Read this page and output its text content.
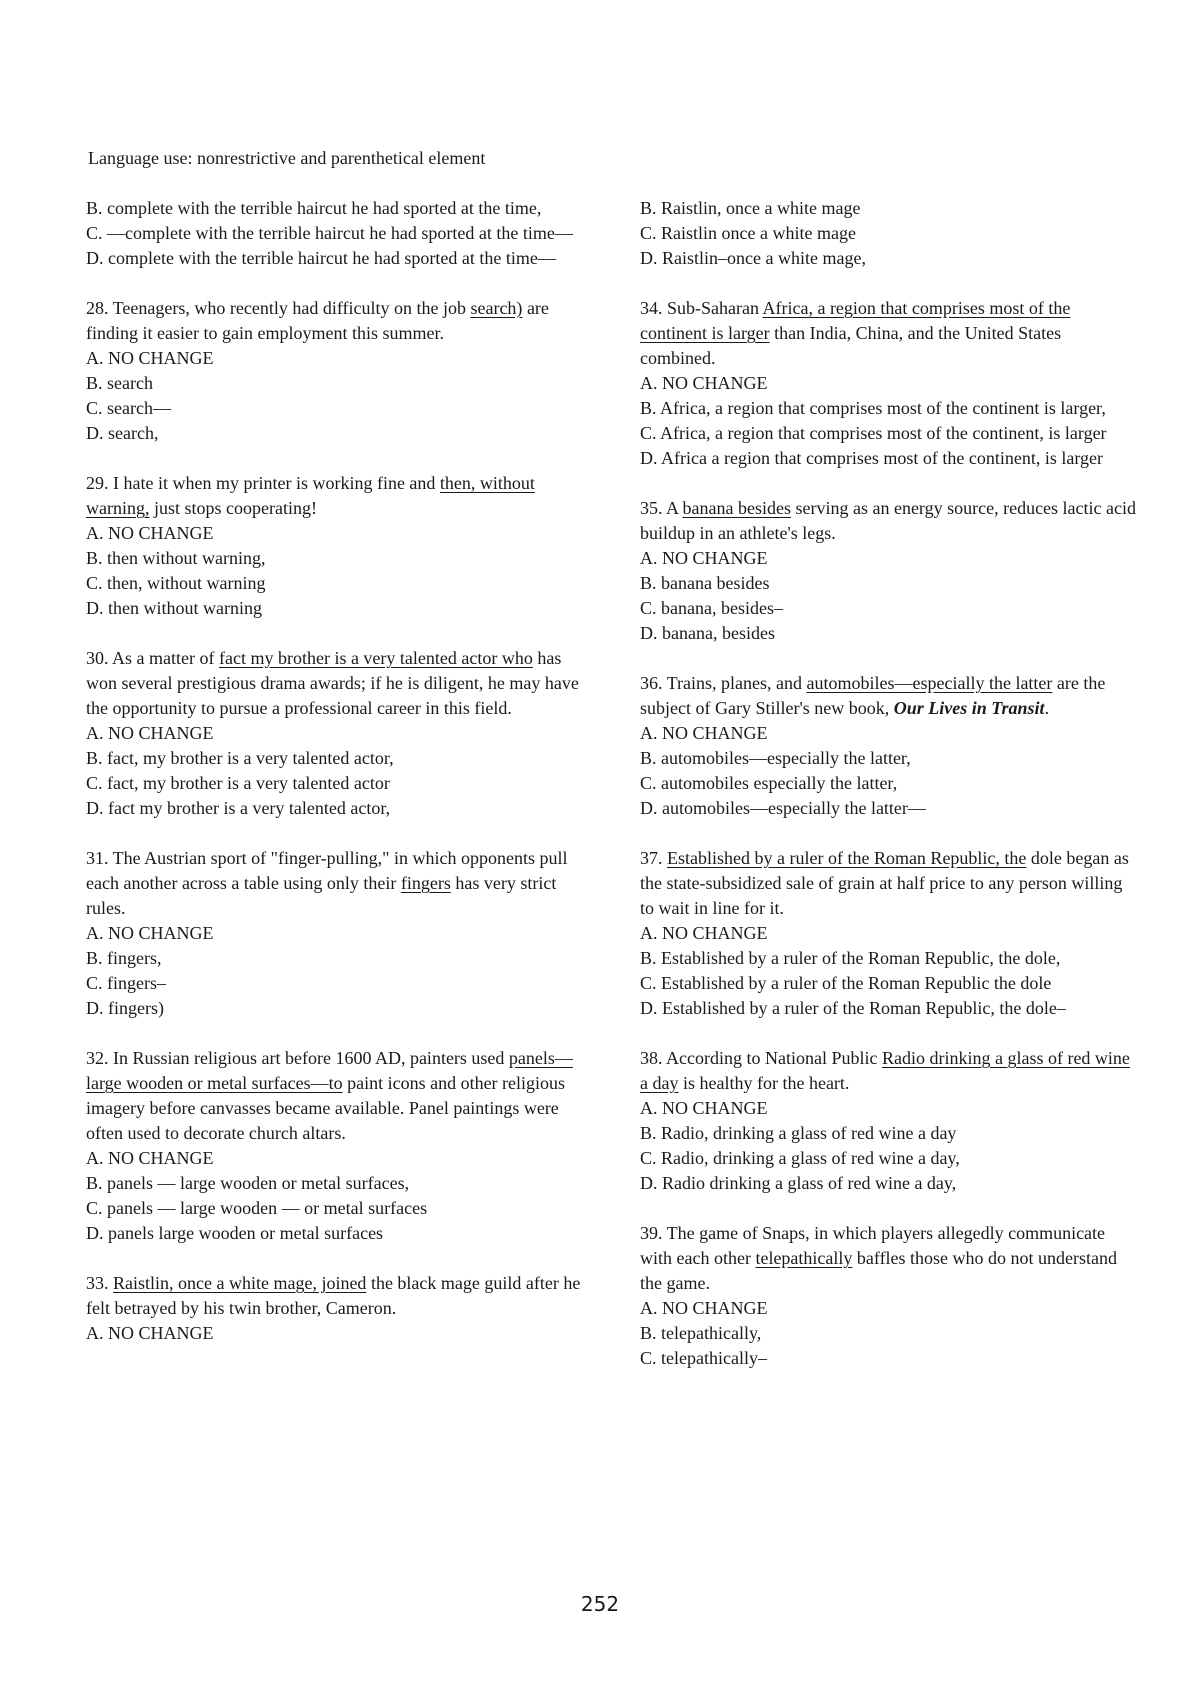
Language use: nonrestrictive and parenthetical element
B. complete with the terrible haircut he had sported at the time,
C. —complete with the terrible haircut he had sported at the time—
D. complete with the terrible haircut he had sported at the time—
28. Teenagers, who recently had difficulty on the job search) are finding it easier to gain employment this summer.
A. NO CHANGE
B. search
C. search—
D. search,
29. I hate it when my printer is working fine and then, without warning, just stops cooperating!
A. NO CHANGE
B. then without warning,
C. then, without warning
D. then without warning
30. As a matter of fact my brother is a very talented actor who has won several prestigious drama awards; if he is diligent, he may have the opportunity to pursue a professional career in this field.
A. NO CHANGE
B. fact, my brother is a very talented actor,
C. fact, my brother is a very talented actor
D. fact my brother is a very talented actor,
31. The Austrian sport of "finger-pulling," in which opponents pull each another across a table using only their fingers has very strict rules.
A. NO CHANGE
B. fingers,
C. fingers–
D. fingers)
32. In Russian religious art before 1600 AD, painters used panels—large wooden or metal surfaces—to paint icons and other religious imagery before canvasses became available. Panel paintings were often used to decorate church altars.
A. NO CHANGE
B. panels — large wooden or metal surfaces,
C. panels — large wooden — or metal surfaces
D. panels large wooden or metal surfaces
33. Raistlin, once a white mage, joined the black mage guild after he felt betrayed by his twin brother, Cameron.
A. NO CHANGE
B. Raistlin, once a white mage
C. Raistlin once a white mage
D. Raistlin–once a white mage,
34. Sub-Saharan Africa, a region that comprises most of the continent is larger than India, China, and the United States combined.
A. NO CHANGE
B. Africa, a region that comprises most of the continent is larger,
C. Africa, a region that comprises most of the continent, is larger
D. Africa a region that comprises most of the continent, is larger
35. A banana besides serving as an energy source, reduces lactic acid buildup in an athlete's legs.
A. NO CHANGE
B. banana besides
C. banana, besides–
D. banana, besides
36. Trains, planes, and automobiles—especially the latter are the subject of Gary Stiller's new book, Our Lives in Transit.
A. NO CHANGE
B. automobiles—especially the latter,
C. automobiles especially the latter,
D. automobiles—especially the latter—
37. Established by a ruler of the Roman Republic, the dole began as the state-subsidized sale of grain at half price to any person willing to wait in line for it.
A. NO CHANGE
B. Established by a ruler of the Roman Republic, the dole,
C. Established by a ruler of the Roman Republic the dole
D. Established by a ruler of the Roman Republic, the dole–
38. According to National Public Radio drinking a glass of red wine a day is healthy for the heart.
A. NO CHANGE
B. Radio, drinking a glass of red wine a day
C. Radio, drinking a glass of red wine a day,
D. Radio drinking a glass of red wine a day,
39. The game of Snaps, in which players allegedly communicate with each other telepathically baffles those who do not understand the game.
A. NO CHANGE
B. telepathically,
C. telepathically–
252
